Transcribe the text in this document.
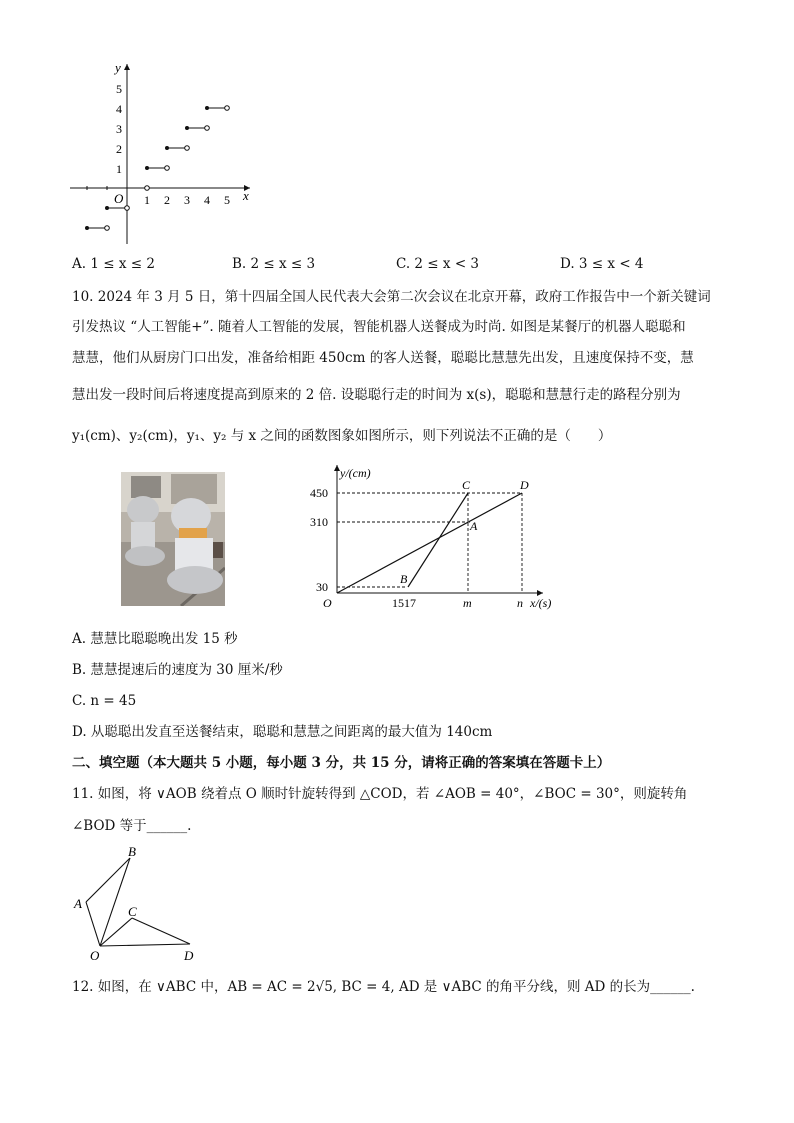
y
x
O
1
2
3
4
5
1 2 3 4 5
A. 1 ≤ x ≤ 2	B. 2 ≤ x ≤ 3	C. 2 ≤ x < 3	D. 3 ≤ x < 4
10. 2024 年 3 月 5 日，第十四届全国人民代表大会第二次会议在北京开幕，政府工作报告中一个新关键词
引发热议 “人工智能+”. 随着人工智能的发展，智能机器人送餐成为时尚. 如图是某餐厅的机器人聪聪和
慧慧，他们从厨房门口出发，准备给相距 450cm 的客人送餐，聪聪比慧慧先出发，且速度保持不变，慧
慧出发一段时间后将速度提高到原来的 2 倍. 设聪聪行走的时间为 x(s)，聪聪和慧慧行走的路程分别为
y₁(cm)、y₂(cm)，y₁、y₂ 与 x 之间的函数图象如图所示，则下列说法不正确的是（　　）
y/(cm)
x/(s)
O
450
310
30
1517	m	n
A
B
C	D
A. 慧慧比聪聪晚出发 15 秒
B. 慧慧提速后的速度为 30 厘米/秒
C. n = 45
D. 从聪聪出发直至送餐结束，聪聪和慧慧之间距离的最大值为 140cm
二、填空题（本大题共 5 小题，每小题 3 分，共 15 分，请将正确的答案填在答题卡上）
11. 如图，将 ∨AOB 绕着点 O 顺时针旋转得到 △COD，若 ∠AOB = 40°，∠BOC = 30°，则旋转角
∠BOD 等于______.
A
B
C
O	D
12. 如图，在 ∨ABC 中，AB = AC = 2√5, BC = 4, AD 是 ∨ABC 的角平分线，则 AD 的长为______.
